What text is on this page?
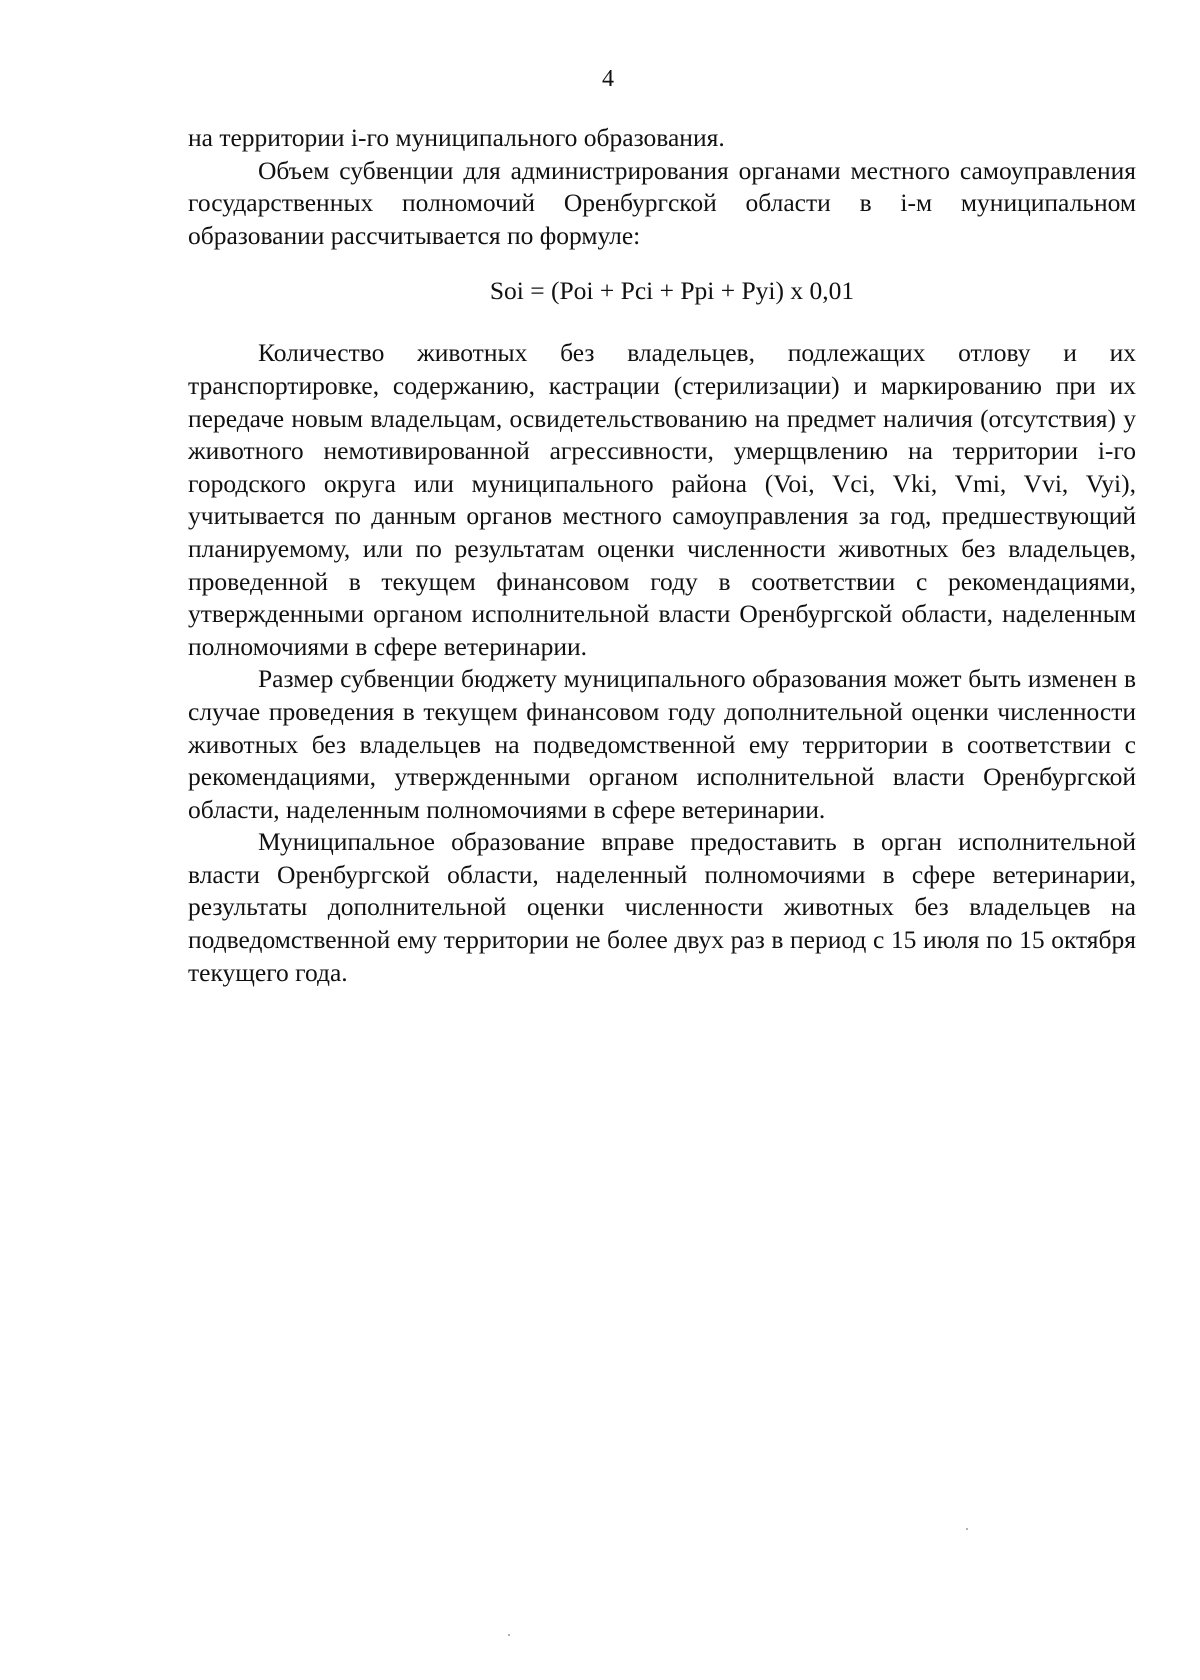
4

на территории i-го муниципального образования.

Объем субвенции для администрирования органами местного самоуправления государственных полномочий Оренбургской области в i-м муниципальном образовании рассчитывается по формуле:

Soi = (Poi + Pci + Ppi + Pyi) x 0,01

Количество животных без владельцев, подлежащих отлову и их транспортировке, содержанию, кастрации (стерилизации) и маркированию при их передаче новым владельцам, освидетельствованию на предмет наличия (отсутствия) у животного немотивированной агрессивности, умерщвлению на территории i-го городского округа или муниципального района (Voi, Vci, Vki, Vmi, Vvi, Vyi), учитывается по данным органов местного самоуправления за год, предшествующий планируемому, или по результатам оценки численности животных без владельцев, проведенной в текущем финансовом году в соответствии с рекомендациями, утвержденными органом исполнительной власти Оренбургской области, наделенным полномочиями в сфере ветеринарии.

Размер субвенции бюджету муниципального образования может быть изменен в случае проведения в текущем финансовом году дополнительной оценки численности животных без владельцев на подведомственной ему территории в соответствии с рекомендациями, утвержденными органом исполнительной власти Оренбургской области, наделенным полномочиями в сфере ветеринарии.

Муниципальное образование вправе предоставить в орган исполнительной власти Оренбургской области, наделенный полномочиями в сфере ветеринарии, результаты дополнительной оценки численности животных без владельцев на подведомственной ему территории не более двух раз в период с 15 июля по 15 октября текущего года.
